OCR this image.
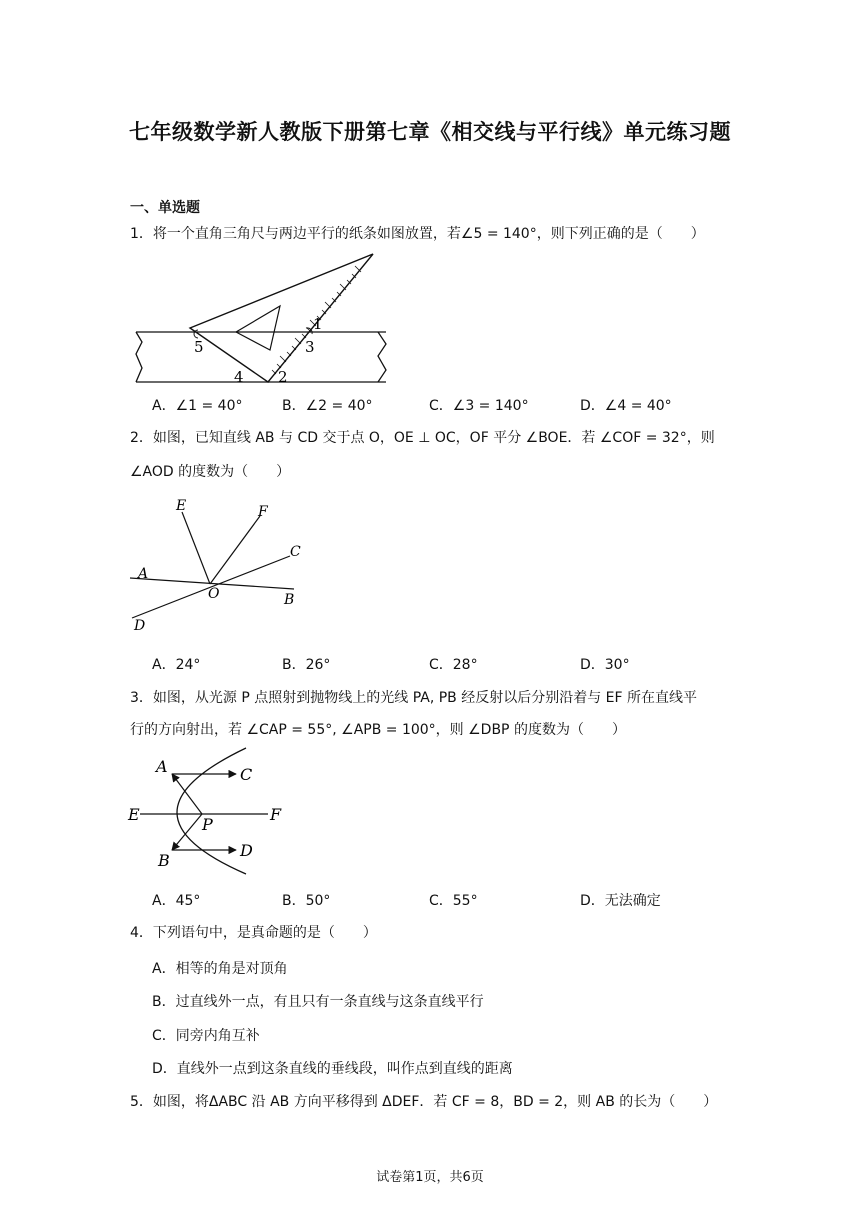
七年级数学新人教版下册第七章《相交线与平行线》单元练习题
一、单选题
1．将一个直角三角尺与两边平行的纸条如图放置，若∠5 = 140°，则下列正确的是（　　）
1
2
3
4
5
A．∠1 = 40°	B．∠2 = 40°	C．∠3 = 140°	D．∠4 = 40°
2．如图，已知直线 AB 与 CD 交于点 O，OE ⊥ OC，OF 平分 ∠BOE．若 ∠COF = 32°，则
∠AOD 的度数为（　　）
E	F
C
A
O	B
D
A．24°	B．26°	C．28°	D．30°
3．如图，从光源 P 点照射到抛物线上的光线 PA, PB 经反射以后分别沿着与 EF 所在直线平
行的方向射出，若 ∠CAP = 55°, ∠APB = 100°，则 ∠DBP 的度数为（　　）
A	C
E
P
F
B
D
A．45°	B．50°	C．55°	D．无法确定
4．下列语句中，是真命题的是（　　）
A．相等的角是对顶角
B．过直线外一点，有且只有一条直线与这条直线平行
C．同旁内角互补
D．直线外一点到这条直线的垂线段，叫作点到直线的距离
5．如图，将ΔABC 沿 AB 方向平移得到 ΔDEF．若 CF = 8，BD = 2，则 AB 的长为（　　）
试卷第1页，共6页
